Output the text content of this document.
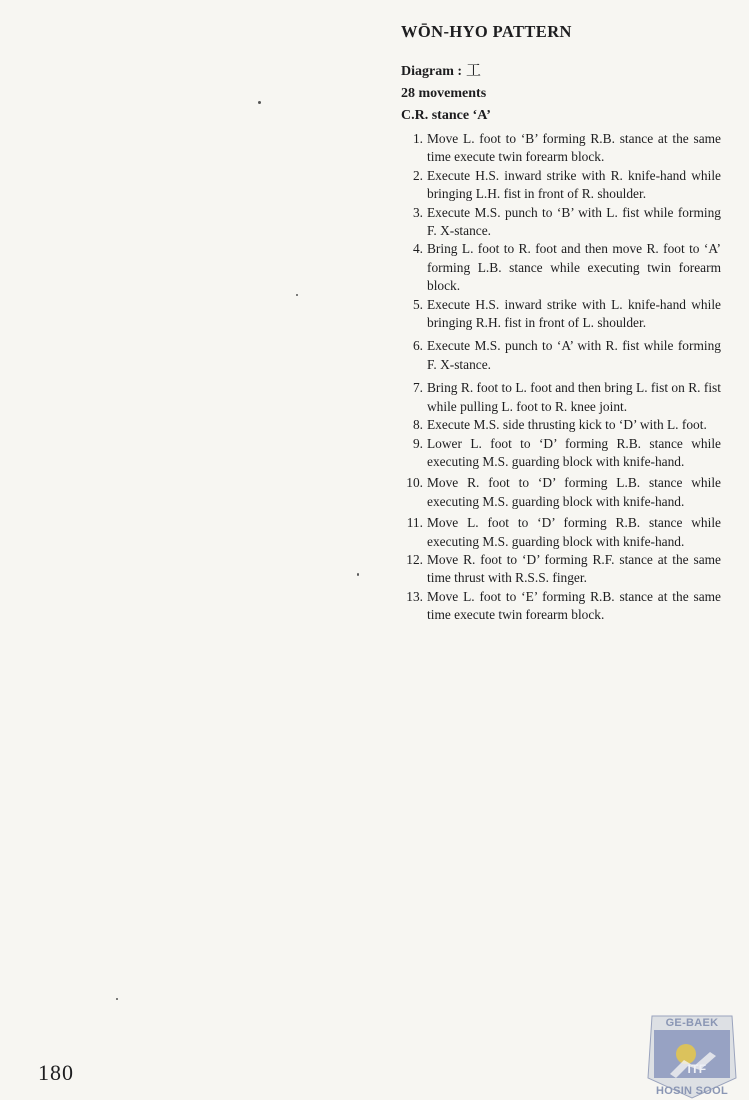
WŌN-HYO PATTERN
Diagram : 工
28 movements
C.R. stance ‘A’
1 . Move L. foot to ‘B’ forming R.B. stance at the same time execute twin forearm block.
2 . Execute H.S. inward strike with R. knife-hand while bringing L.H. fist in front of R. shoulder.
3 . Execute M.S. punch to ‘B’ with L. fist while forming F. X-stance.
4 . Bring L. foot to R. foot and then move R. foot to ‘A’ forming L.B. stance while executing twin forearm block.
5 . Execute H.S. inward strike with L. knife-hand while bringing R.H. fist in front of L. shoulder.
6 . Execute M.S. punch to ‘A’ with R. fist while forming F. X-stance.
7 . Bring R. foot to L. foot and then bring L. fist on R. fist while pulling L. foot to R. knee joint.
8 . Execute M.S. side thrusting kick to ‘D’ with L. foot.
9 . Lower L. foot to ‘D’ forming R.B. stance while executing M.S. guarding block with knife-hand.
10 . Move R. foot to ‘D’ forming L.B. stance while executing M.S. guarding block with knife-hand.
11 . Move L. foot to ‘D’ forming R.B. stance while executing M.S. guarding block with knife-hand.
12 . Move R. foot to ‘D’ forming R.F. stance at the same time thrust with R.S.S. finger.
13 . Move L. foot to ‘E’ forming R.B. stance at the same time execute twin forearm block.
180
GE-BAEK
ITF
HOSIN SOOL
